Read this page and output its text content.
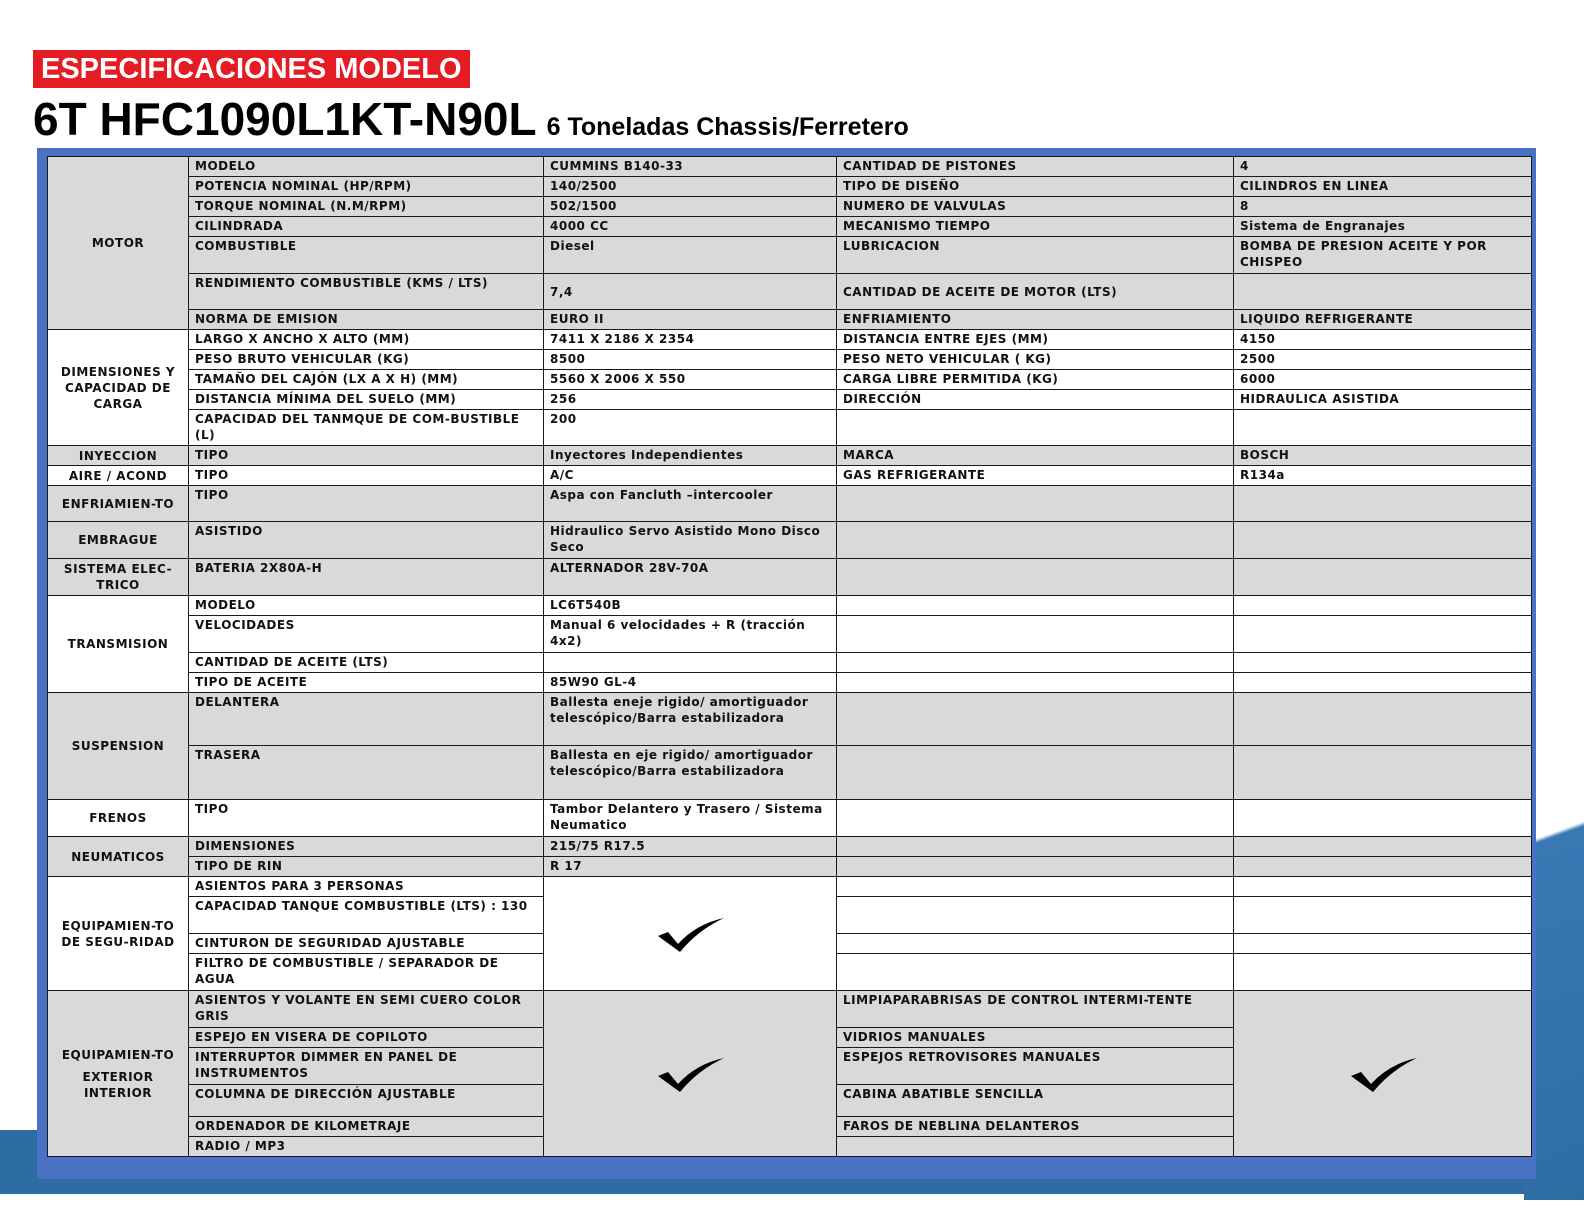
ESPECIFICACIONES MODELO
6T HFC1090L1KT-N90L 6 Toneladas Chassis/Ferretero
MOTOR	MODELO	CUMMINS B140-33	CANTIDAD DE PISTONES	4
	POTENCIA NOMINAL (HP/RPM)	140/2500	TIPO DE DISEÑO	CILINDROS EN LINEA
	TORQUE NOMINAL (N.M/RPM)	502/1500	NUMERO DE VALVULAS	8
	CILINDRADA	4000 CC	MECANISMO TIEMPO	Sistema de Engranajes
	COMBUSTIBLE	Diesel	LUBRICACION	BOMBA DE PRESION ACEITE Y POR CHISPEO
	RENDIMIENTO COMBUSTIBLE (KMS / LTS)	7,4	CANTIDAD DE ACEITE DE MOTOR (LTS)	
	NORMA DE EMISION	EURO II	ENFRIAMIENTO	LIQUIDO REFRIGERANTE
DIMENSIONES Y CAPACIDAD DE CARGA	LARGO X ANCHO X ALTO (MM)	7411 X 2186 X 2354	DISTANCIA ENTRE EJES (MM)	4150
	PESO BRUTO VEHICULAR (KG)	8500	PESO NETO VEHICULAR ( KG)	2500
	TAMAÑO DEL CAJÓN (LX A X H) (MM)	5560 X 2006 X 550	CARGA LIBRE PERMITIDA (KG)	6000
	DISTANCIA MÍNIMA DEL SUELO (MM)	256	DIRECCIÓN	HIDRAULICA ASISTIDA
	CAPACIDAD DEL TANMQUE DE COM-BUSTIBLE (L)	200		
INYECCION	TIPO	Inyectores Independientes	MARCA	BOSCH
AIRE / ACOND	TIPO	A/C	GAS REFRIGERANTE	R134a
ENFRIAMIEN-TO	TIPO	Aspa con Fancluth –intercooler		
EMBRAGUE	ASISTIDO	Hidraulico Servo Asistido Mono Disco Seco		
SISTEMA ELEC-TRICO	BATERIA 2X80A-H	ALTERNADOR 28V-70A		
TRANSMISION	MODELO	LC6T540B		
	VELOCIDADES	Manual 6 velocidades + R (tracción 4x2)		
	CANTIDAD DE ACEITE (LTS)			
	TIPO DE ACEITE	85W90 GL-4		
SUSPENSION	DELANTERA	Ballesta eneje rigido/ amortiguador telescópico/Barra estabilizadora		
	TRASERA	Ballesta en eje rigido/ amortiguador telescópico/Barra estabilizadora		
FRENOS	TIPO	Tambor Delantero y Trasero / Sistema Neumatico		
NEUMATICOS	DIMENSIONES	215/75 R17.5		
	TIPO DE RIN	R 17		
EQUIPAMIEN-TO DE SEGU-RIDAD	ASIENTOS PARA 3 PERSONAS	

	CAPACIDAD TANQUE COMBUSTIBLE (LTS) : 130			
	CINTURON DE SEGURIDAD AJUSTABLE			
	FILTRO DE COMBUSTIBLE / SEPARADOR DE AGUA			

EQUIPAMIEN-TO
EXTERIOR INTERIOR	ASIENTOS Y VOLANTE EN SEMI CUERO COLOR GRIS		LIMPIAPARABRISAS DE CONTROL INTERMI-TENTE	

	ESPEJO EN VISERA DE COPILOTO		VIDRIOS MANUALES	
	INTERRUPTOR DIMMER EN PANEL DE INSTRUMENTOS		ESPEJOS RETROVISORES MANUALES	
	COLUMNA DE DIRECCIÓN AJUSTABLE		CABINA ABATIBLE SENCILLA	
	ORDENADOR DE KILOMETRAJE		FAROS DE NEBLINA DELANTEROS	
	RADIO / MP3			
